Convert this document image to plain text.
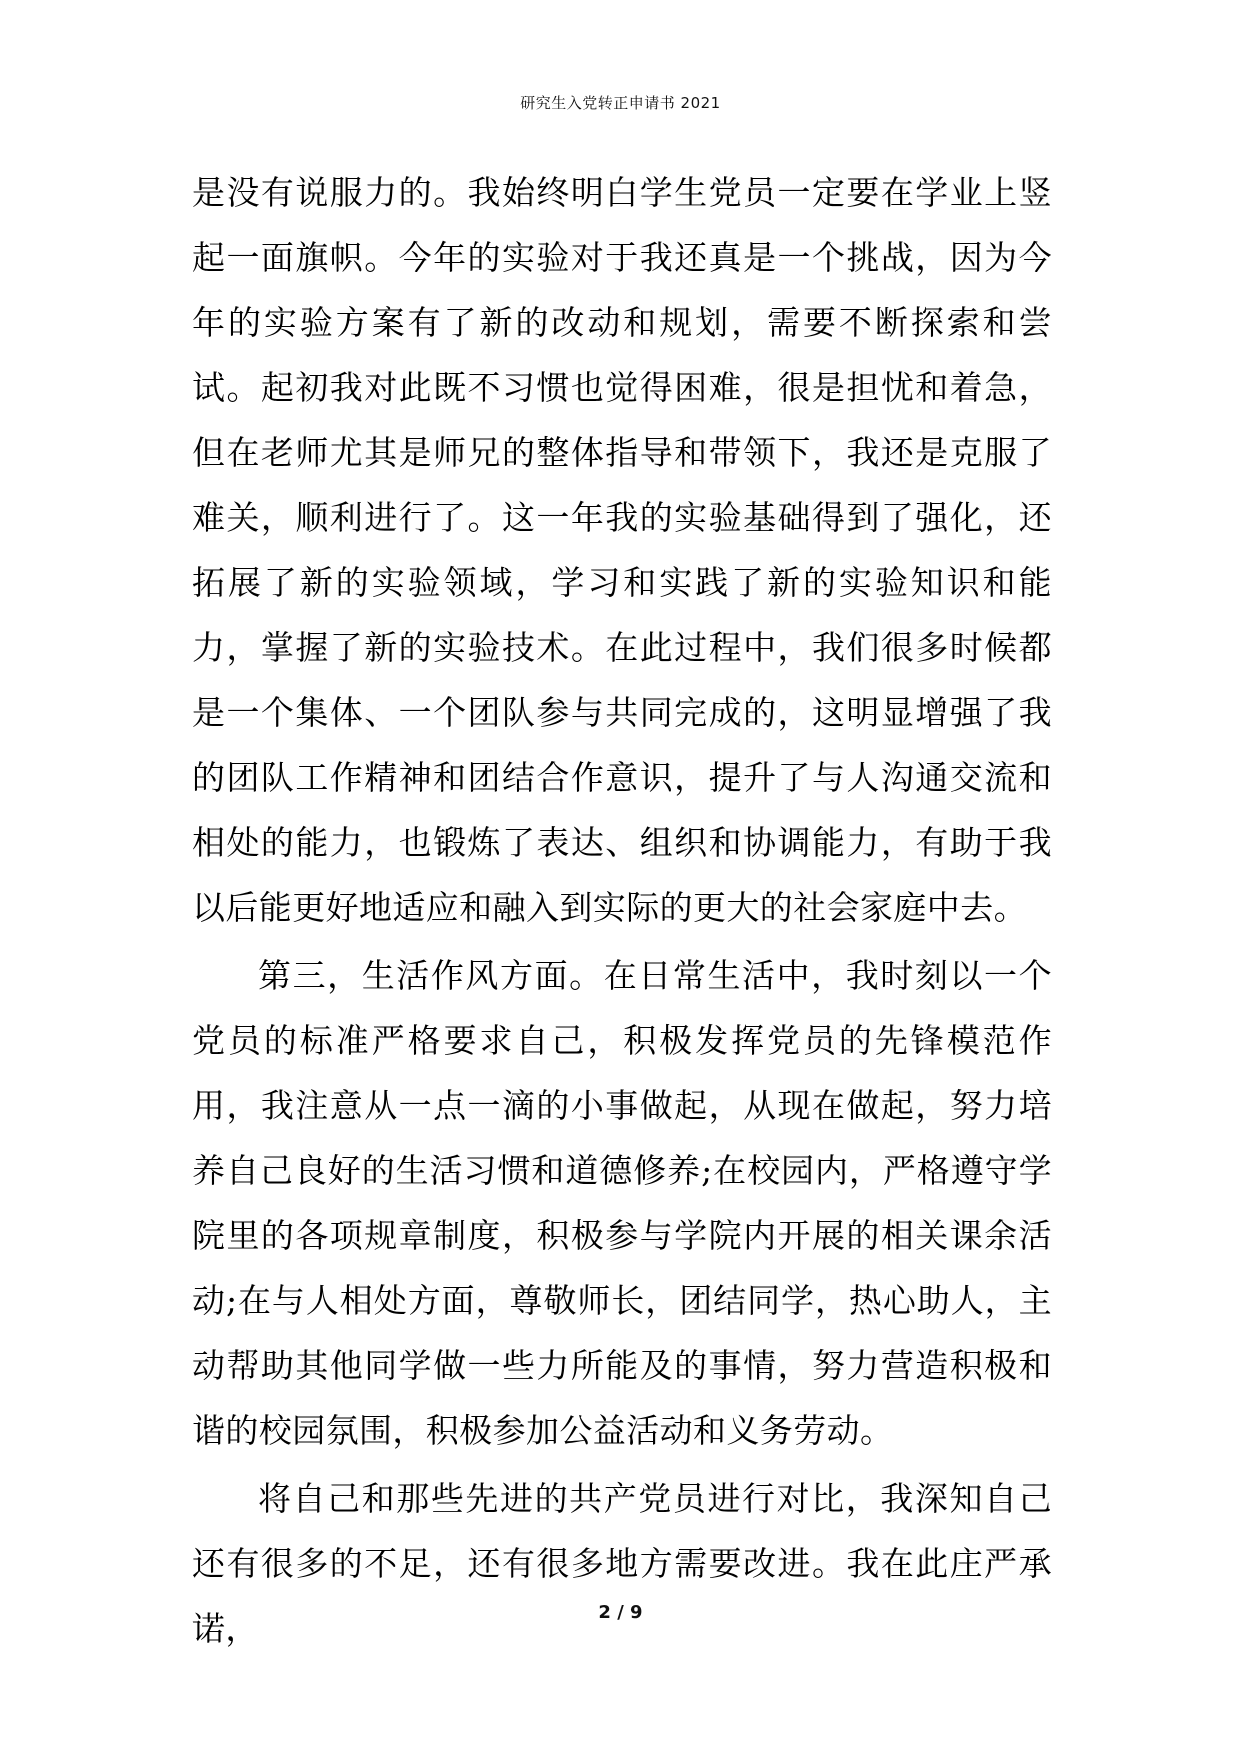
研究生入党转正申请书 2021

是没有说服力的。我始终明白学生党员一定要在学业上竖起一面旗帜。今年的实验对于我还真是一个挑战，因为今年的实验方案有了新的改动和规划，需要不断探索和尝试。起初我对此既不习惯也觉得困难，很是担忧和着急，但在老师尤其是师兄的整体指导和带领下，我还是克服了难关，顺利进行了。这一年我的实验基础得到了强化，还拓展了新的实验领域，学习和实践了新的实验知识和能力，掌握了新的实验技术。在此过程中，我们很多时候都是一个集体、一个团队参与共同完成的，这明显增强了我的团队工作精神和团结合作意识，提升了与人沟通交流和相处的能力，也锻炼了表达、组织和协调能力，有助于我以后能更好地适应和融入到实际的更大的社会家庭中去。

第三，生活作风方面。在日常生活中，我时刻以一个党员的标准严格要求自己，积极发挥党员的先锋模范作用，我注意从一点一滴的小事做起，从现在做起，努力培养自己良好的生活习惯和道德修养;在校园内，严格遵守学院里的各项规章制度，积极参与学院内开展的相关课余活动;在与人相处方面，尊敬师长，团结同学，热心助人，主动帮助其他同学做一些力所能及的事情，努力营造积极和谐的校园氛围，积极参加公益活动和义务劳动。

将自己和那些先进的共产党员进行对比，我深知自己还有很多的不足，还有很多地方需要改进。我在此庄严承诺，	2 / 9
